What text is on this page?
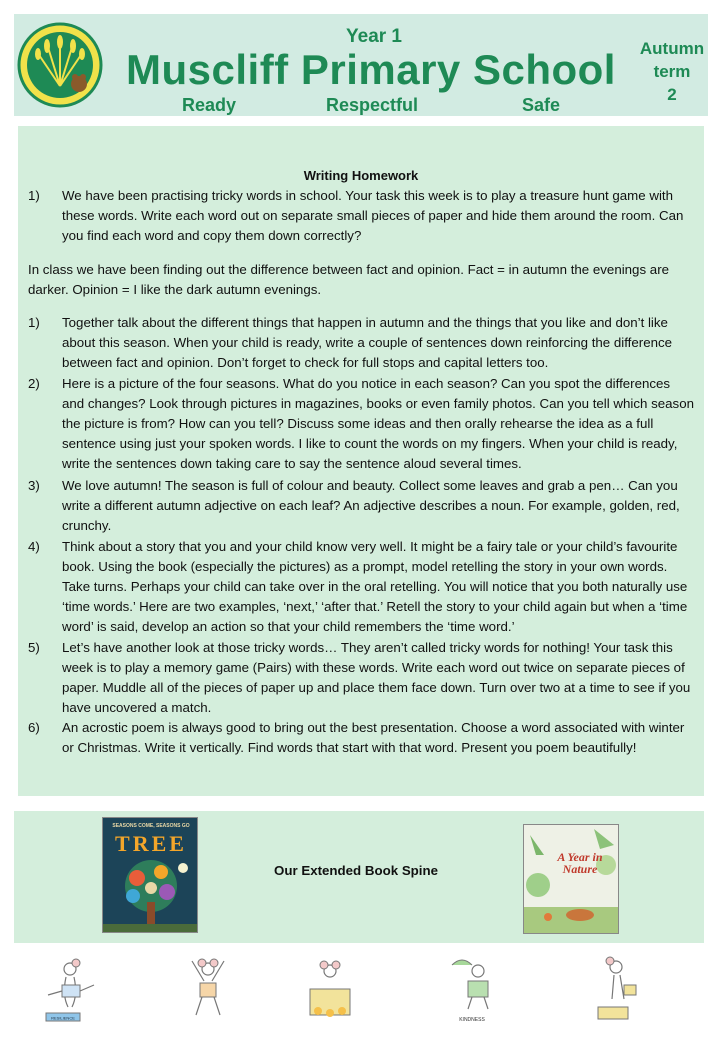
Year 1
Muscliff Primary School
Ready	Respectful	Safe
Autumn
term
2
Writing Homework
1) We have been practising tricky words in school. Your task this week is to play a treasure hunt game with these words. Write each word out on separate small pieces of paper and hide them around the room. Can you find each word and copy them down correctly?
In class we have been finding out the difference between fact and opinion. Fact = in autumn the evenings are darker. Opinion = I like the dark autumn evenings.
1) Together talk about the different things that happen in autumn and the things that you like and don’t like about this season. When your child is ready, write a couple of sentences down reinforcing the difference between fact and opinion. Don’t forget to check for full stops and capital letters too.
2) Here is a picture of the four seasons. What do you notice in each season? Can you spot the differences and changes? Look through pictures in magazines, books or even family photos. Can you tell which season the picture is from? How can you tell? Discuss some ideas and then orally rehearse the idea as a full sentence using just your spoken words. I like to count the words on my fingers. When your child is ready, write the sentences down taking care to say the sentence aloud several times.
3) We love autumn! The season is full of colour and beauty. Collect some leaves and grab a pen… Can you write a different autumn adjective on each leaf? An adjective describes a noun. For example, golden, red, crunchy.
4) Think about a story that you and your child know very well. It might be a fairy tale or your child’s favourite book. Using the book (especially the pictures) as a prompt, model retelling the story in your own words. Take turns. Perhaps your child can take over in the oral retelling. You will notice that you both naturally use ‘time words.’ Here are two examples, ‘next,’ ‘after that.’ Retell the story to your child again but when a ‘time word’ is said, develop an action so that your child remembers the ‘time word.’
5) Let’s have another look at those tricky words… They aren’t called tricky words for nothing! Your task this week is to play a memory game (Pairs) with these words. Write each word out twice on separate pieces of paper. Muddle all of the pieces of paper up and place them face down. Turn over two at a time to see if you have uncovered a match.
6) An acrostic poem is always good to bring out the best presentation. Choose a word associated with winter or Christmas. Write it vertically. Find words that start with that word. Present you poem beautifully!
SEASONS COME, SEASONS GO
TREE
Our Extended Book Spine
A Year in Nature
RESILIENCE	KINDNESS
